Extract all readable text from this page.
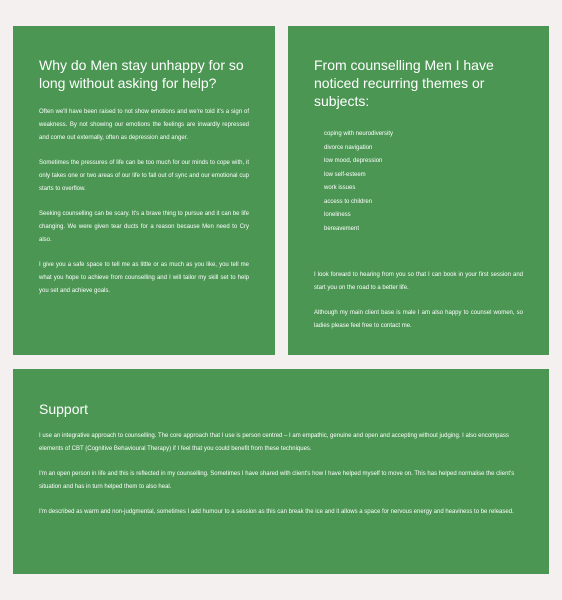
Why do Men stay unhappy for so long without asking for help?

Often we'll have been raised to not show emotions and we're told it's a sign of weakness. By not showing our emotions the feelings are inwardly repressed and come out externally, often as depression and anger.

Sometimes the pressures of life can be too much for our minds to cope with, it only takes one or two areas of our life to fall out of sync and our emotional cup starts to overflow.

Seeking counselling can be scary. It's a brave thing to pursue and it can be life changing. We were given tear ducts for a reason because Men need to Cry also.

I give you a safe space to tell me as little or as much as you like, you tell me what you hope to achieve from counselling and I will tailor my skill set to help you set and achieve goals.

From counselling Men I have noticed recurring themes or subjects:
coping with neurodiversity
divorce navigation
low mood, depression
low self-esteem
work issues
access to children
loneliness
bereavement

I look forward to hearing from you so that I can book in your first session and start you on the road to a better life.

Although my main client base is male I am also happy to counsel women, so ladies please feel free to contact me.

Support

I use an integrative approach to counselling. The core approach that I use is person centred – I am empathic, genuine and open and accepting without judging. I also encompass elements of CBT (Cognitive Behavioural Therapy) if I feel that you could benefit from these techniques.

I'm an open person in life and this is reflected in my counselling. Sometimes I have shared with client's how I have helped myself to move on. This has helped normalise the client's situation and has in turn helped them to also heal.

I'm described as warm and non-judgmental, sometimes I add humour to a session as this can break the ice and it allows a space for nervous energy and heaviness to be released.
